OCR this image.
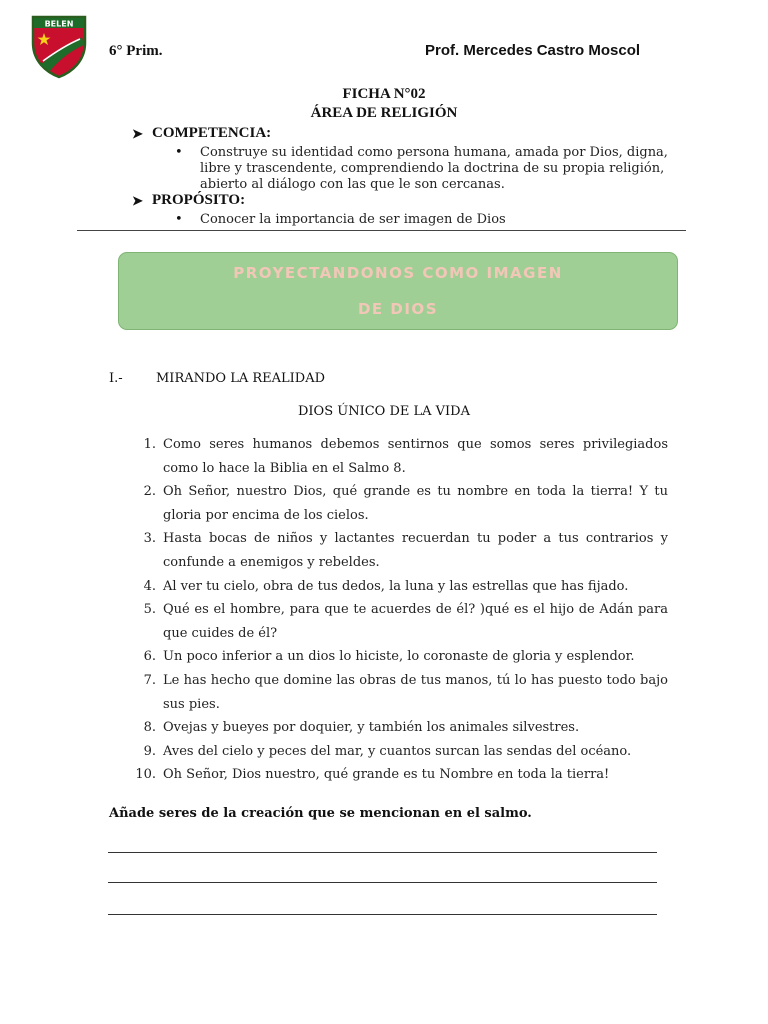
BELEN
6° Prim.	Prof. Mercedes Castro Moscol
FICHA N°02
ÁREA DE RELIGIÓN
➤ COMPETENCIA:
•	Construye su identidad como persona humana, amada por Dios, digna, libre y trascendente, comprendiendo la doctrina de su propia religión, abierto al diálogo con las que le son cercanas.
➤ PROPÓSITO:
•	Conocer la importancia de ser imagen de Dios
PROYECTANDONOS COMO IMAGEN
DE DIOS
I.-	MIRANDO LA REALIDAD
DIOS ÚNICO DE LA VIDA
1. Como seres humanos debemos sentirnos que somos seres privilegiados como lo hace la Biblia en el Salmo 8.
2. Oh Señor, nuestro Dios, qué grande es tu nombre en toda la tierra! Y tu gloria por encima de los cielos.
3. Hasta bocas de niños y lactantes recuerdan tu poder a tus contrarios y confunde a enemigos y rebeldes.
4. Al ver tu cielo, obra de tus dedos, la luna y las estrellas que has fijado.
5. Qué es el hombre, para que te acuerdes de él? )qué es el hijo de Adán para que cuides de él?
6. Un poco inferior a un dios lo hiciste, lo coronaste de gloria y esplendor.
7. Le has hecho que domine las obras de tus manos, tú lo has puesto todo bajo sus pies.
8. Ovejas y bueyes por doquier, y también los animales silvestres.
9. Aves del cielo y peces del mar, y cuantos surcan las sendas del océano.
10. Oh Señor, Dios nuestro, qué grande es tu Nombre en toda la tierra!
Añade seres de la creación que se mencionan en el salmo.
